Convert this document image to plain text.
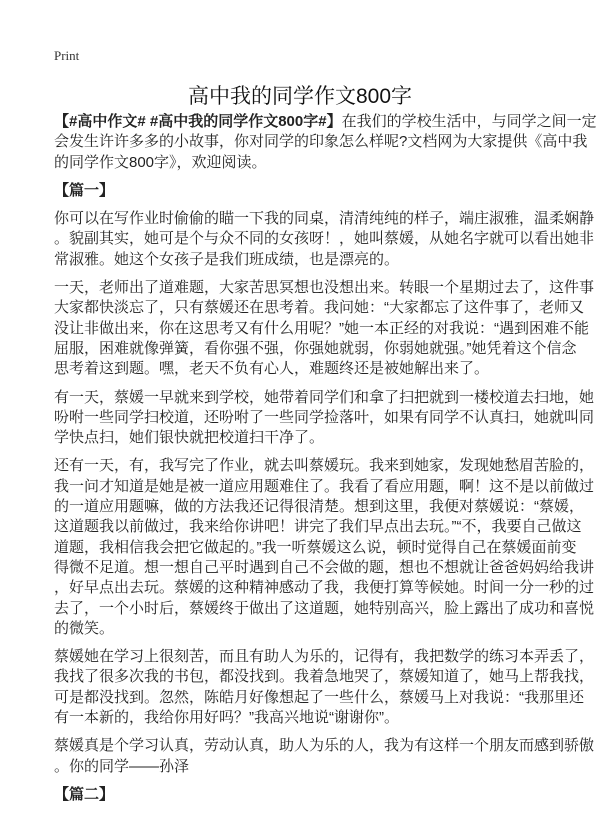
Print
高中我的同学作文800字
【#高中作文# #高中我的同学作文800字#】在我们的学校生活中，与同学之间一定
会发生许许多多的小故事，你对同学的印象怎么样呢?文档网为大家提供《高中我
的同学作文800字》，欢迎阅读。
【篇一】
你可以在写作业时偷偷的瞄一下我的同桌，清清纯纯的样子，端庄淑雅，温柔娴静
。貌副其实，她可是个与众不同的女孩呀！，她叫蔡媛，从她名字就可以看出她非
常淑雅。她这个女孩子是我们班成绩，也是漂亮的。
一天，老师出了道难题，大家苦思冥想也没想出来。转眼一个星期过去了，这件事
大家都快淡忘了，只有蔡媛还在思考着。我问她：“大家都忘了这件事了，老师又
没让非做出来，你在这思考又有什么用呢？”她一本正经的对我说：“遇到困难不能
屈服，困难就像弹簧，看你强不强，你强她就弱，你弱她就强。”她凭着这个信念
思考着这到题。嘿，老天不负有心人，难题终还是被她解出来了。
有一天，蔡媛一早就来到学校，她带着同学们和拿了扫把就到一楼校道去扫地，她
吩咐一些同学扫校道，还吩咐了一些同学捡落叶，如果有同学不认真扫，她就叫同
学快点扫，她们银快就把校道扫干净了。
还有一天，有，我写完了作业，就去叫蔡媛玩。我来到她家，发现她愁眉苦脸的，
我一问才知道是她是被一道应用题难住了。我看了看应用题，啊！这不是以前做过
的一道应用题嘛，做的方法我还记得很清楚。想到这里，我便对蔡媛说：“蔡媛，
这道题我以前做过，我来给你讲吧！讲完了我们早点出去玩。”“不，我要自己做这
道题，我相信我会把它做起的。”我一听蔡媛这么说，顿时觉得自己在蔡媛面前变
得微不足道。想一想自己平时遇到自己不会做的题，想也不想就让爸爸妈妈给我讲
，好早点出去玩。蔡媛的这种精神感动了我，我便打算等候她。时间一分一秒的过
去了，一个小时后，蔡媛终于做出了这道题，她特别高兴，脸上露出了成功和喜悦
的微笑。
蔡媛她在学习上很刻苦，而且有助人为乐的，记得有，我把数学的练习本弄丢了，
我找了很多次我的书包，都没找到。我着急地哭了，蔡媛知道了，她马上帮我找，
可是都没找到。忽然，陈皓月好像想起了一些什么，蔡媛马上对我说：“我那里还
有一本新的，我给你用好吗？”我高兴地说“谢谢你”。
蔡媛真是个学习认真，劳动认真，助人为乐的人，我为有这样一个朋友而感到骄傲
。你的同学——孙泽
【篇二】
